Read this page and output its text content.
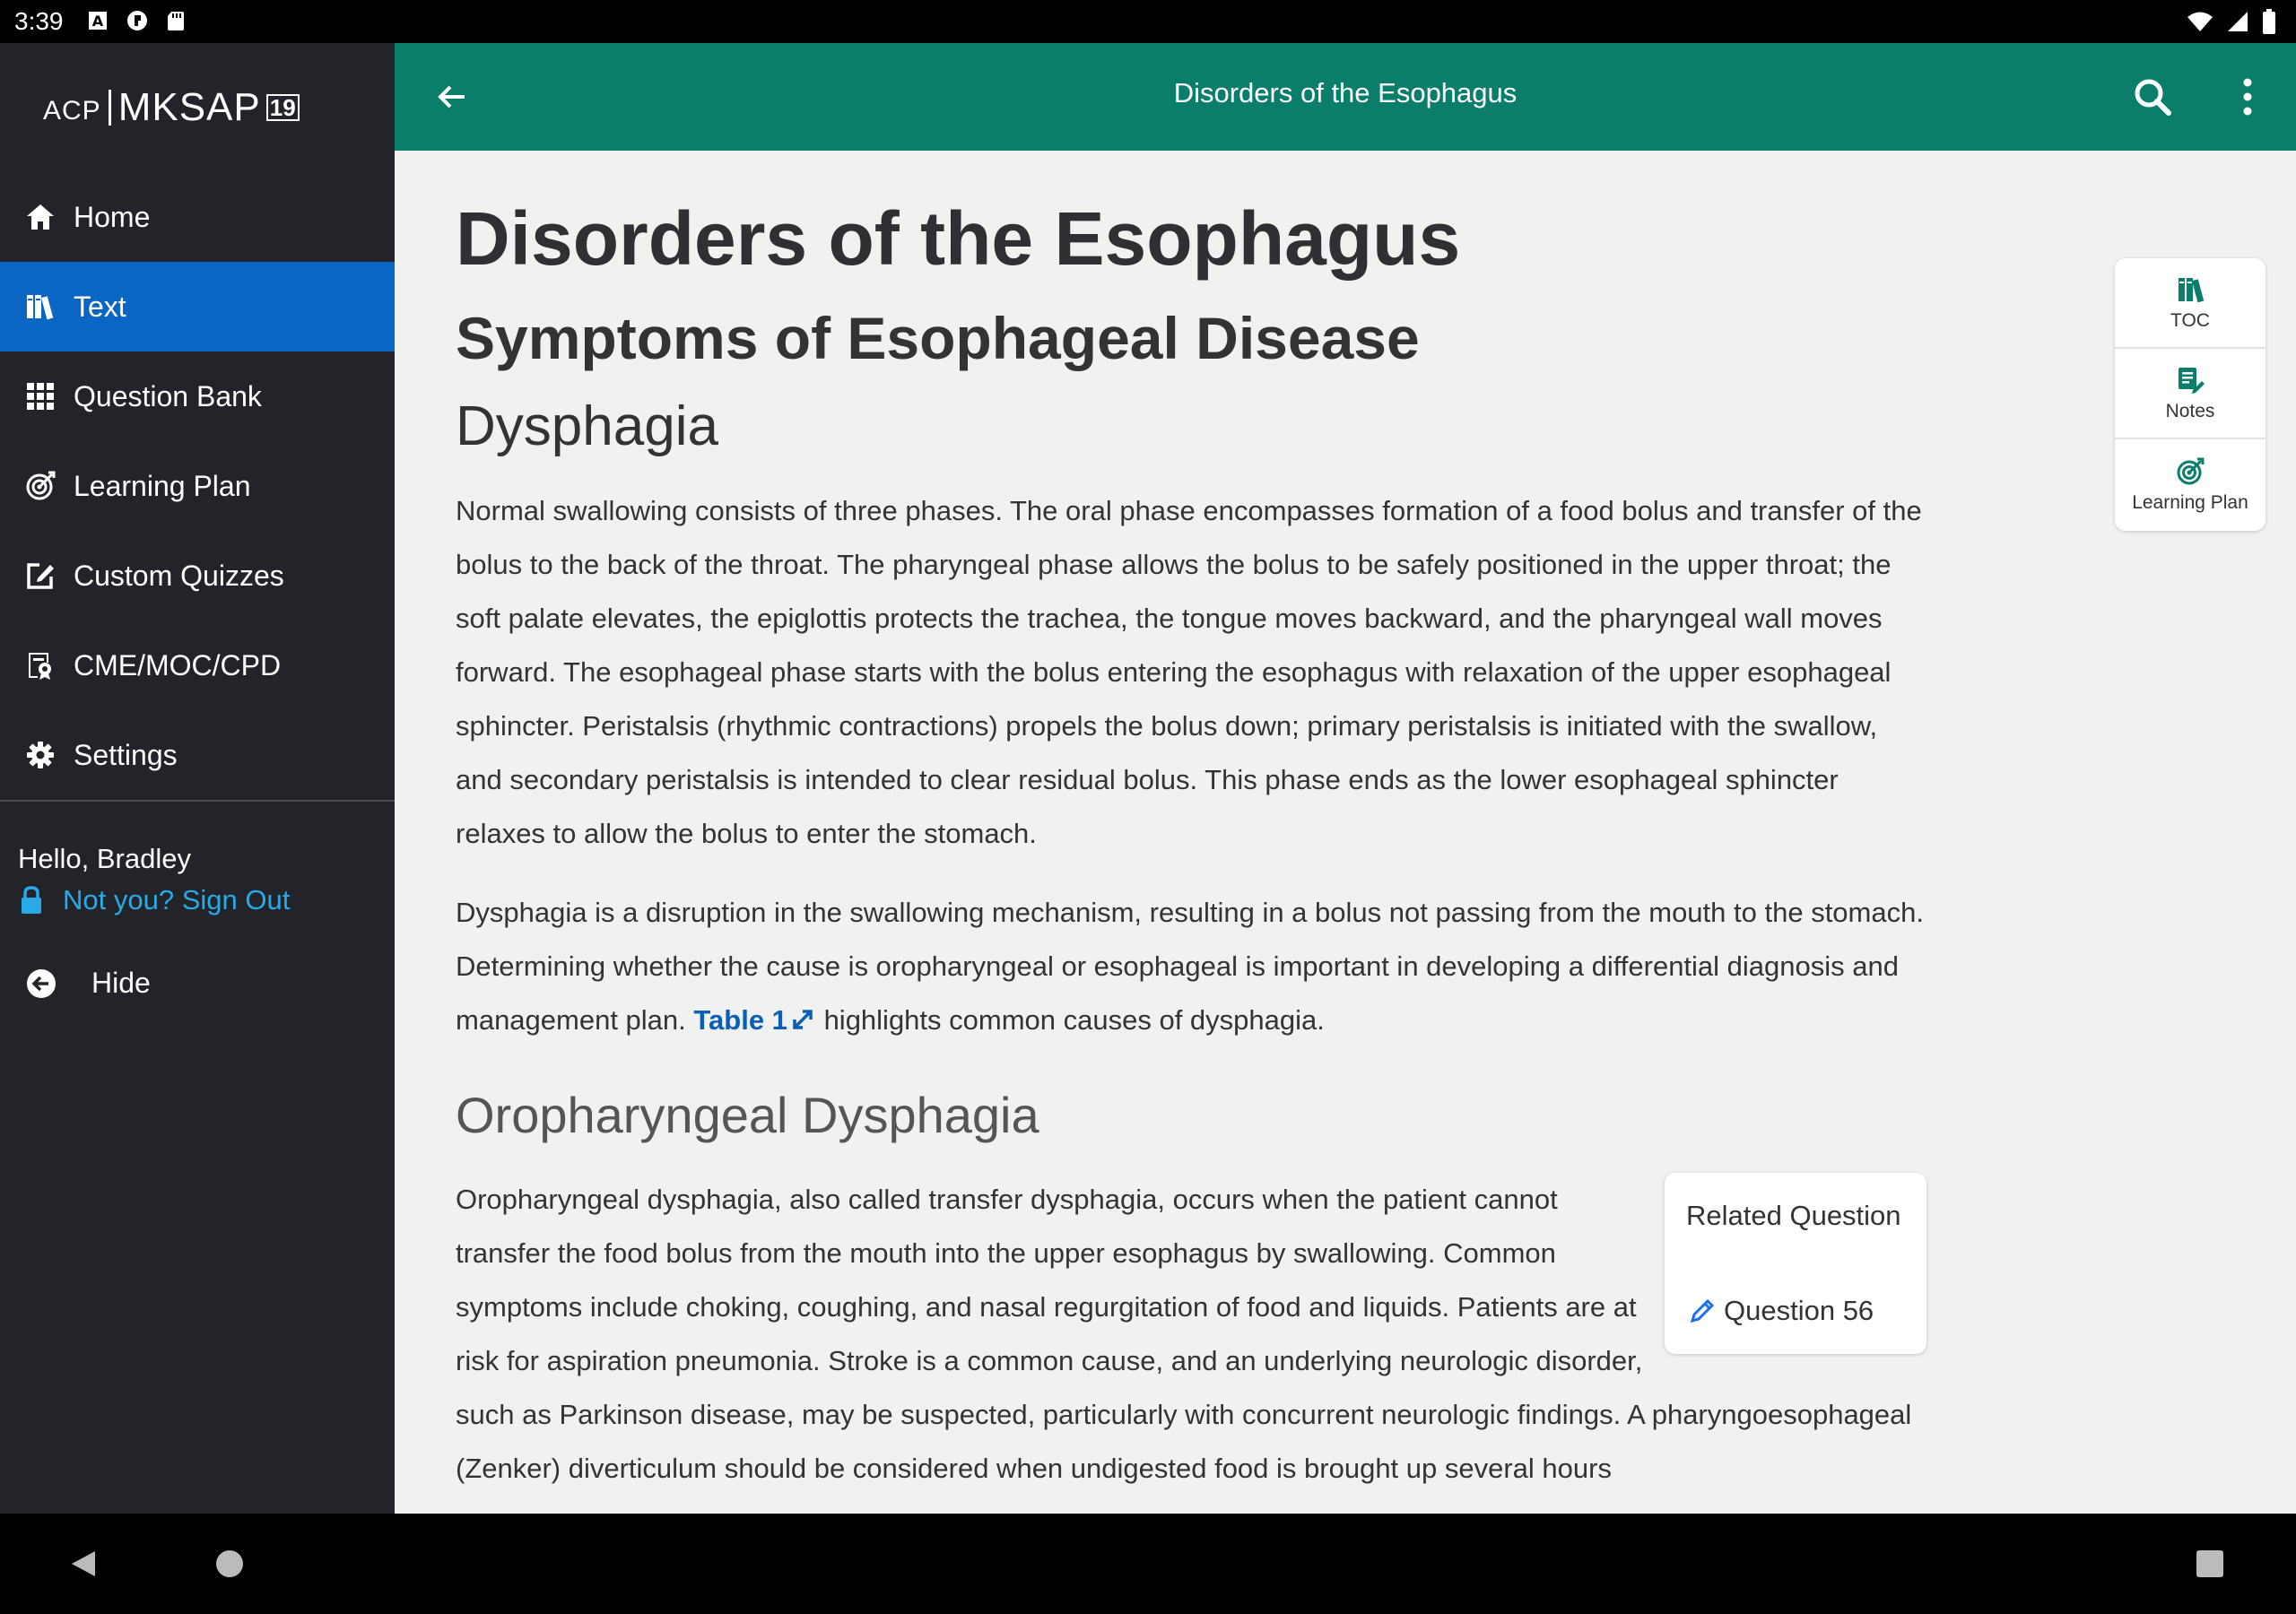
3:39 A
ACP MKSAP 19
Home
Text
Question Bank
Learning Plan
Custom Quizzes
CME/MOC/CPD
Settings
Hello, Bradley
Not you? Sign Out
Hide
Disorders of the Esophagus
Disorders of the Esophagus
Symptoms of Esophageal Disease
Dysphagia

Normal swallowing consists of three phases. The oral phase encompasses formation of a food bolus and transfer of the bolus to the back of the throat. The pharyngeal phase allows the bolus to be safely positioned in the upper throat; the soft palate elevates, the epiglottis protects the trachea, the tongue moves backward, and the pharyngeal wall moves forward. The esophageal phase starts with the bolus entering the esophagus with relaxation of the upper esophageal sphincter. Peristalsis (rhythmic contractions) propels the bolus down; primary peristalsis is initiated with the swallow, and secondary peristalsis is intended to clear residual bolus. This phase ends as the lower esophageal sphincter relaxes to allow the bolus to enter the stomach.

Dysphagia is a disruption in the swallowing mechanism, resulting in a bolus not passing from the mouth to the stomach. Determining whether the cause is oropharyngeal or esophageal is important in developing a differential diagnosis and management plan. Table 1 highlights common causes of dysphagia.

Oropharyngeal Dysphagia
Related Question
Question 56

Oropharyngeal dysphagia, also called transfer dysphagia, occurs when the patient cannot transfer the food bolus from the mouth into the upper esophagus by swallowing. Common symptoms include choking, coughing, and nasal regurgitation of food and liquids. Patients are at risk for aspiration pneumonia. Stroke is a common cause, and an underlying neurologic disorder, such as Parkinson disease, may be suspected, particularly with concurrent neurologic findings. A pharyngoesophageal (Zenker) diverticulum should be considered when undigested food is brought up several hours

TOC
Notes
Learning Plan
